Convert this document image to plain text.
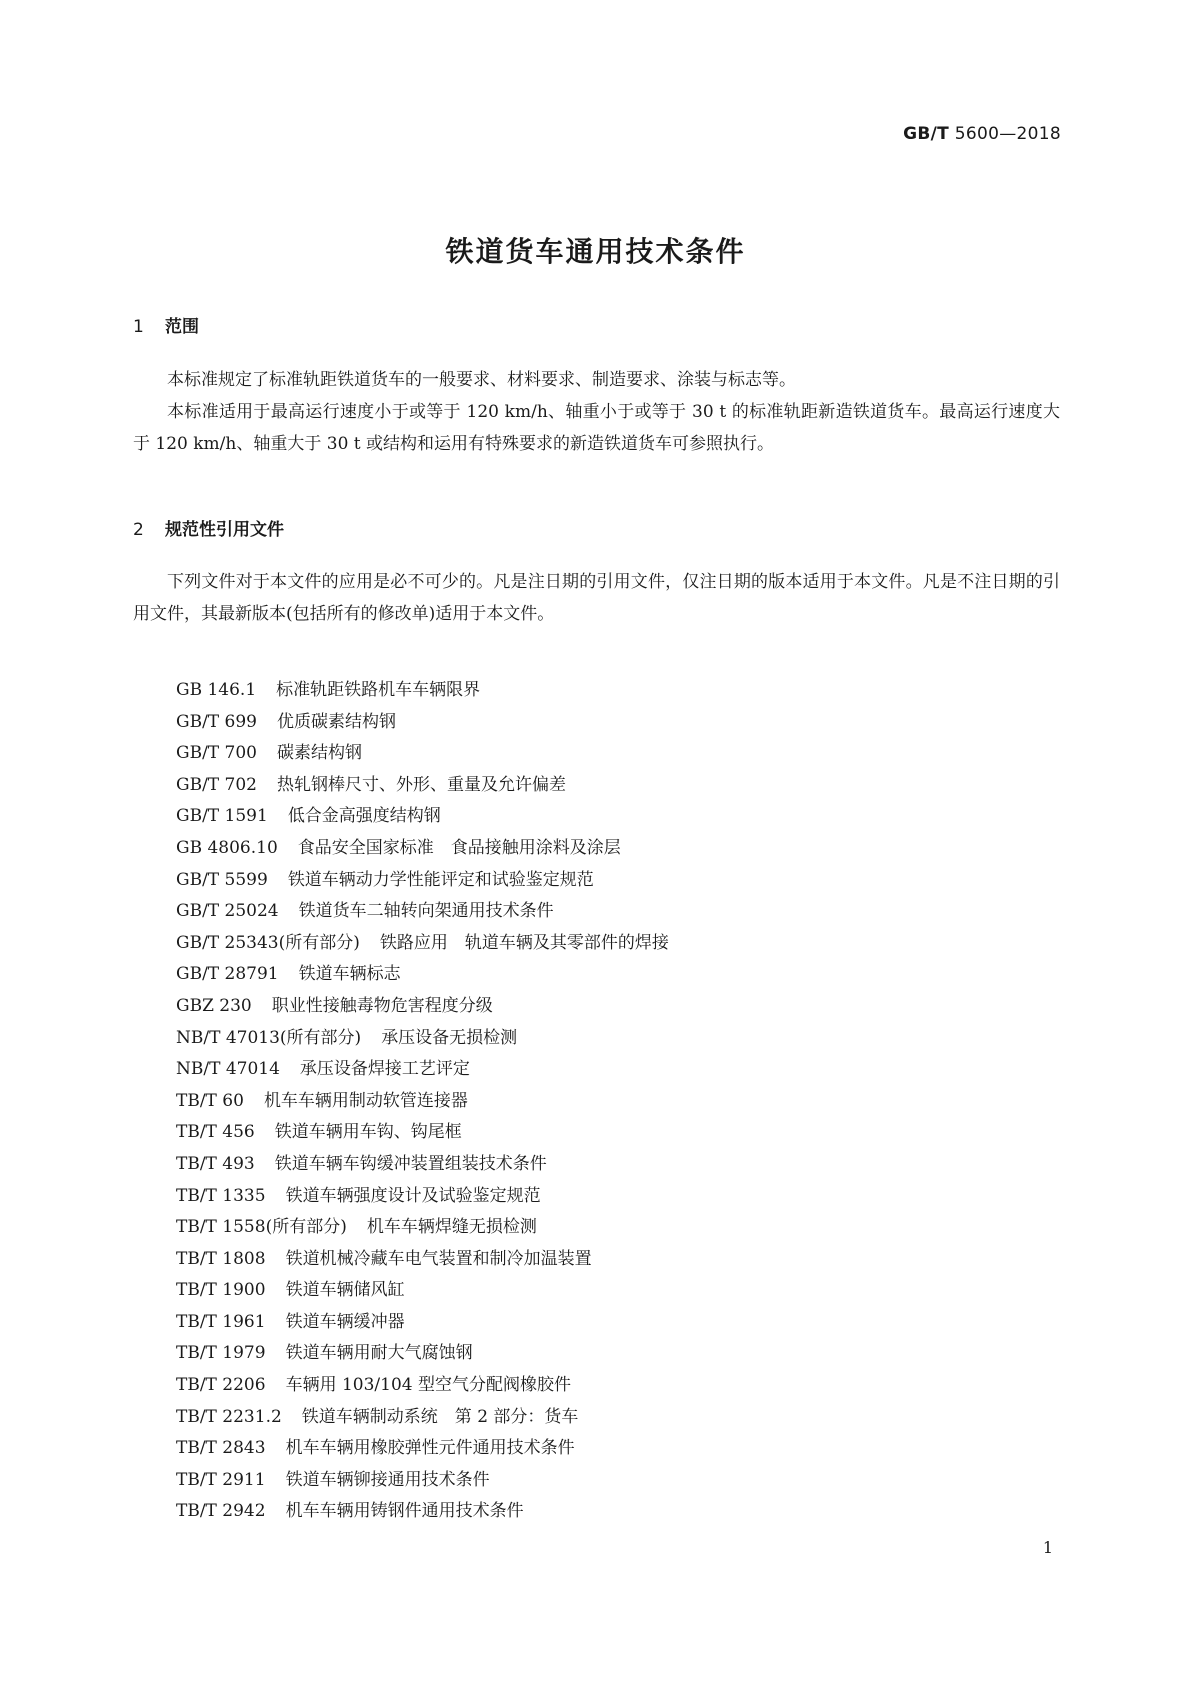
GB/T 5600—2018
铁道货车通用技术条件
1 范围
本标准规定了标准轨距铁道货车的一般要求、材料要求、制造要求、涂装与标志等。
本标准适用于最高运行速度小于或等于 120 km/h、轴重小于或等于 30 t 的标准轨距新造铁道货车。最高运行速度大于 120 km/h、轴重大于 30 t 或结构和运用有特殊要求的新造铁道货车可参照执行。
2 规范性引用文件
下列文件对于本文件的应用是必不可少的。凡是注日期的引用文件，仅注日期的版本适用于本文件。凡是不注日期的引用文件，其最新版本(包括所有的修改单)适用于本文件。
GB 146.1 标准轨距铁路机车车辆限界
GB/T 699 优质碳素结构钢
GB/T 700 碳素结构钢
GB/T 702 热轧钢棒尺寸、外形、重量及允许偏差
GB/T 1591 低合金高强度结构钢
GB 4806.10 食品安全国家标准　食品接触用涂料及涂层
GB/T 5599 铁道车辆动力学性能评定和试验鉴定规范
GB/T 25024 铁道货车二轴转向架通用技术条件
GB/T 25343(所有部分) 铁路应用　轨道车辆及其零部件的焊接
GB/T 28791 铁道车辆标志
GBZ 230 职业性接触毒物危害程度分级
NB/T 47013(所有部分) 承压设备无损检测
NB/T 47014 承压设备焊接工艺评定
TB/T 60 机车车辆用制动软管连接器
TB/T 456 铁道车辆用车钩、钩尾框
TB/T 493 铁道车辆车钩缓冲装置组装技术条件
TB/T 1335 铁道车辆强度设计及试验鉴定规范
TB/T 1558(所有部分) 机车车辆焊缝无损检测
TB/T 1808 铁道机械冷藏车电气装置和制冷加温装置
TB/T 1900 铁道车辆储风缸
TB/T 1961 铁道车辆缓冲器
TB/T 1979 铁道车辆用耐大气腐蚀钢
TB/T 2206 车辆用 103/104 型空气分配阀橡胶件
TB/T 2231.2 铁道车辆制动系统　第 2 部分：货车
TB/T 2843 机车车辆用橡胶弹性元件通用技术条件
TB/T 2911 铁道车辆铆接通用技术条件
TB/T 2942 机车车辆用铸钢件通用技术条件
1
